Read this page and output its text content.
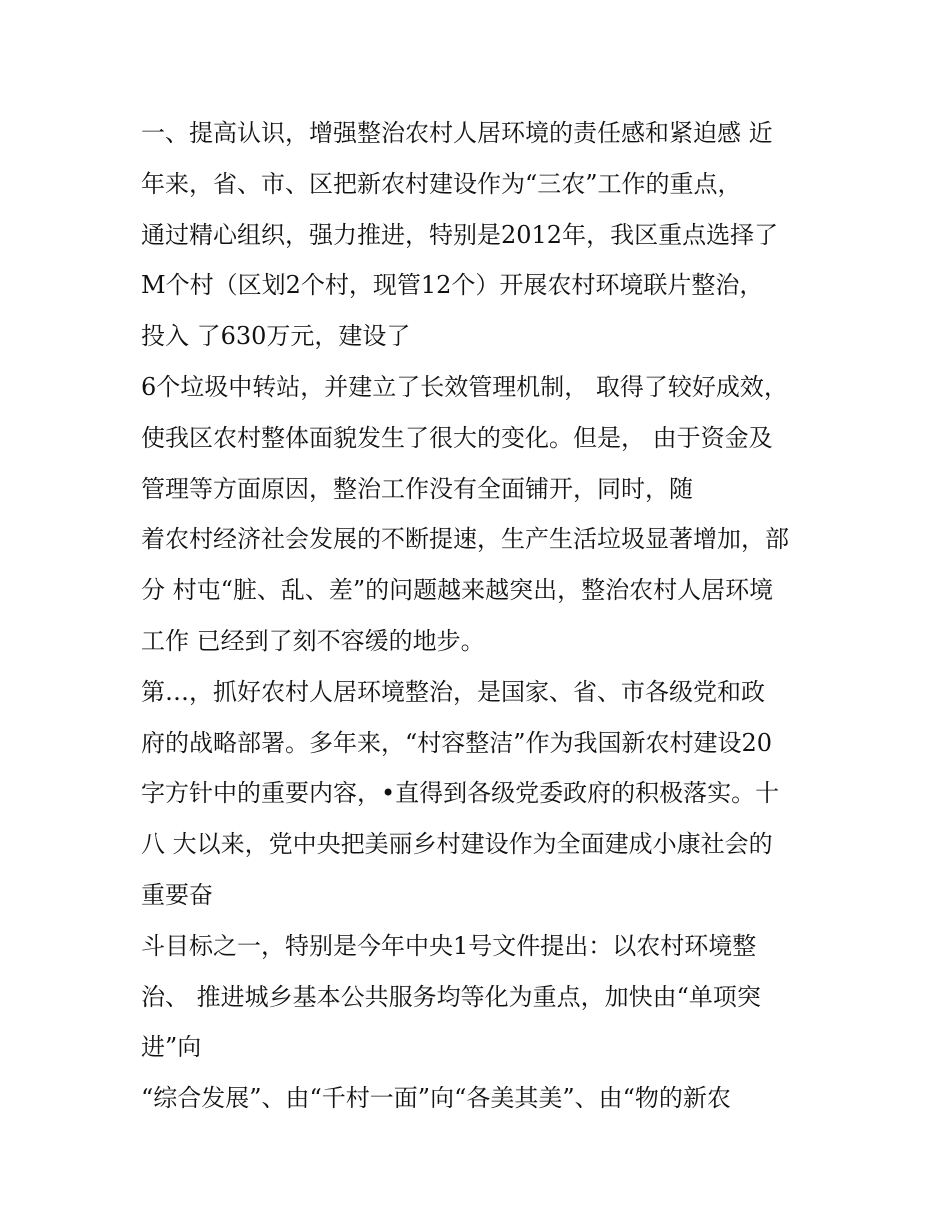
一、提高认识，增强整治农村人居环境的责任感和紧迫感 近
年来，省、市、区把新农村建设作为“三农”工作的重点，
通过精心组织，强力推进，特别是2012年，我区重点选择了
M个村（区划2个村，现管12个）开展农村环境联片整治，
投入 了630万元，建设了
6个垃圾中转站，并建立了长效管理机制， 取得了较好成效，
使我区农村整体面貌发生了很大的变化。但是， 由于资金及
管理等方面原因，整治工作没有全面铺开，同时，随
着农村经济社会发展的不断提速，生产生活垃圾显著增加，部
分 村屯“脏、乱、差”的问题越来越突出，整治农村人居环境
工作 已经到了刻不容缓的地步。
第…，抓好农村人居环境整治，是国家、省、市各级党和政
府的战略部署。多年来，“村容整洁”作为我国新农村建设20
字方针中的重要内容，•直得到各级党委政府的积极落实。十
八 大以来，党中央把美丽乡村建设作为全面建成小康社会的
重要奋
斗目标之一，特别是今年中央1号文件提出：以农村环境整
治、 推进城乡基本公共服务均等化为重点，加快由“单项突
进”向
“综合发展”、由“千村一面”向“各美其美”、由“物的新农
